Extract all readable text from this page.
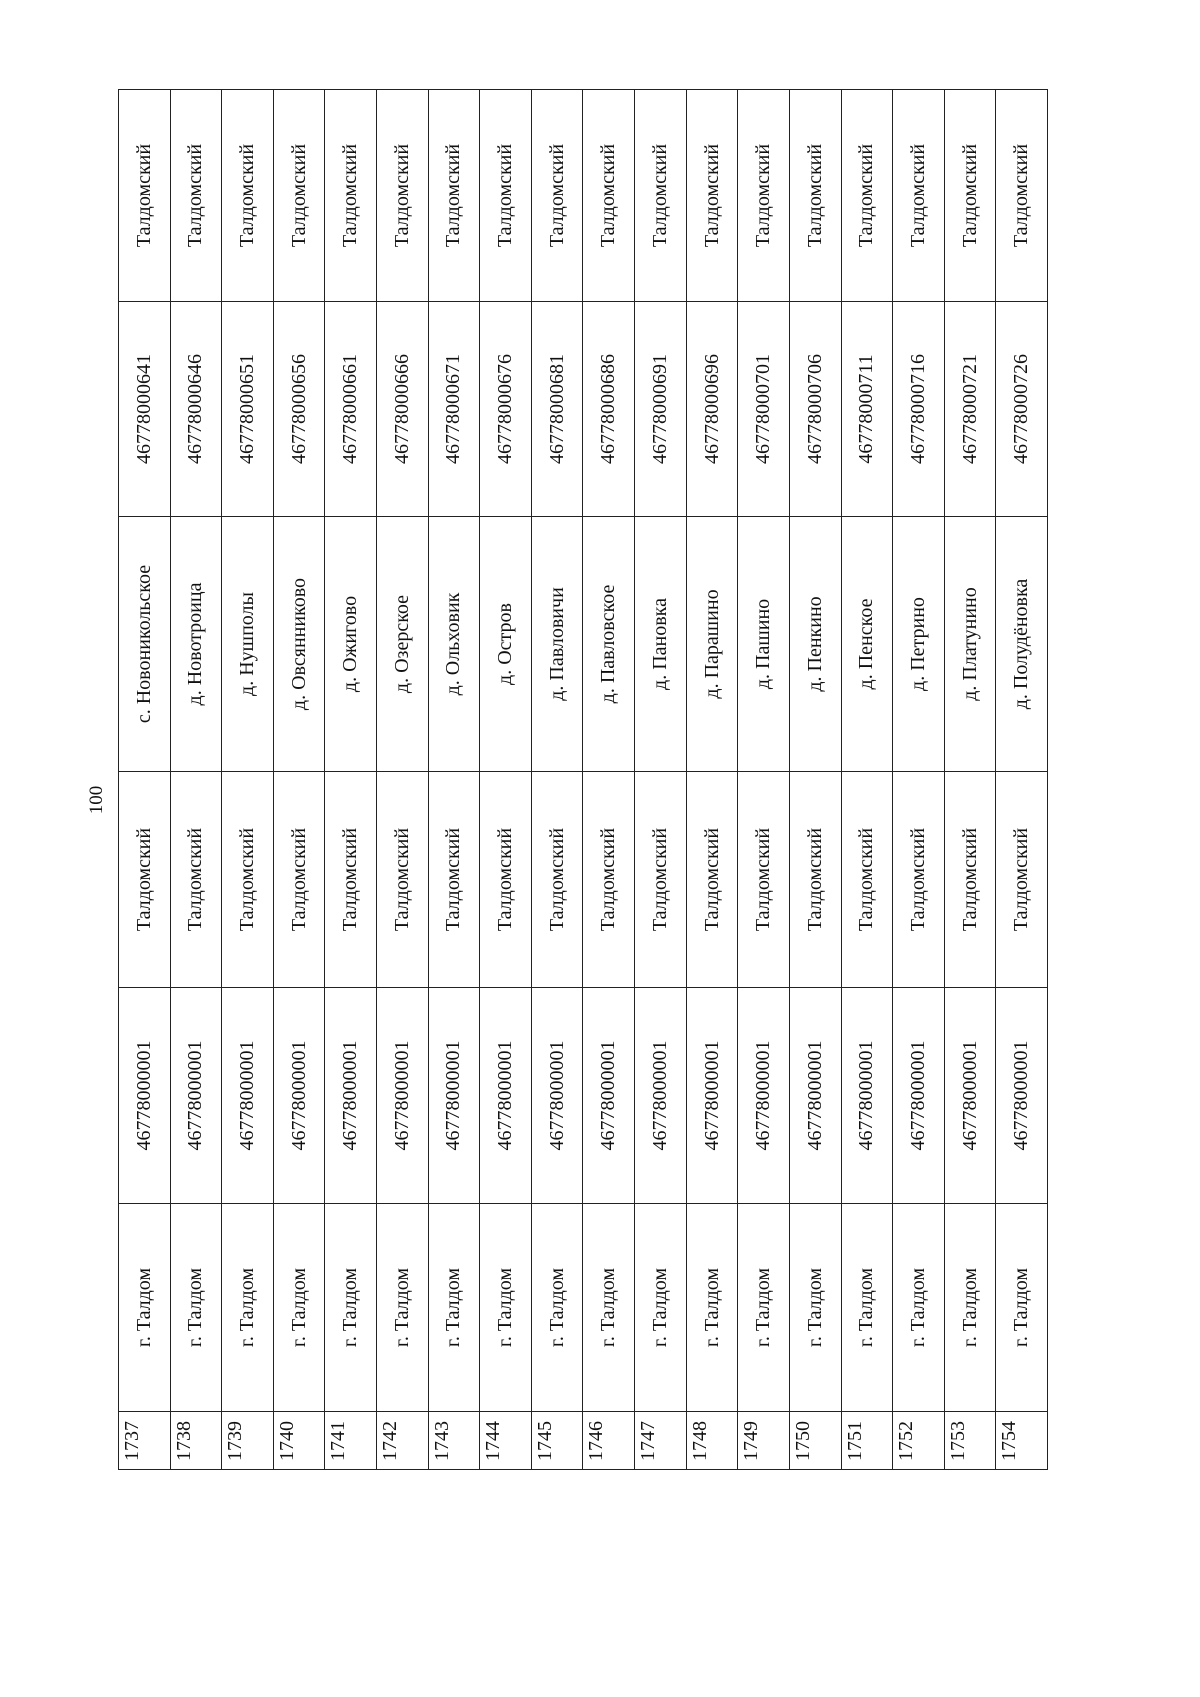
100
1737	г. Талдом	46778000001	Талдомский	с. Новоникольское	46778000641	Талдомский
1738	г. Талдом	46778000001	Талдомский	д. Новотроица	46778000646	Талдомский
1739	г. Талдом	46778000001	Талдомский	д. Нушполы	46778000651	Талдомский
1740	г. Талдом	46778000001	Талдомский	д. Овсянниково	46778000656	Талдомский
1741	г. Талдом	46778000001	Талдомский	д. Ожигово	46778000661	Талдомский
1742	г. Талдом	46778000001	Талдомский	д. Озерское	46778000666	Талдомский
1743	г. Талдом	46778000001	Талдомский	д. Ольховик	46778000671	Талдомский
1744	г. Талдом	46778000001	Талдомский	д. Остров	46778000676	Талдомский
1745	г. Талдом	46778000001	Талдомский	д. Павловичи	46778000681	Талдомский
1746	г. Талдом	46778000001	Талдомский	д. Павловское	46778000686	Талдомский
1747	г. Талдом	46778000001	Талдомский	д. Пановка	46778000691	Талдомский
1748	г. Талдом	46778000001	Талдомский	д. Парашино	46778000696	Талдомский
1749	г. Талдом	46778000001	Талдомский	д. Пашино	46778000701	Талдомский
1750	г. Талдом	46778000001	Талдомский	д. Пенкино	46778000706	Талдомский
1751	г. Талдом	46778000001	Талдомский	д. Пенское	46778000711	Талдомский
1752	г. Талдом	46778000001	Талдомский	д. Петрино	46778000716	Талдомский
1753	г. Талдом	46778000001	Талдомский	д. Платунино	46778000721	Талдомский
1754	г. Талдом	46778000001	Талдомский	д. Полудёновка	46778000726	Талдомский
